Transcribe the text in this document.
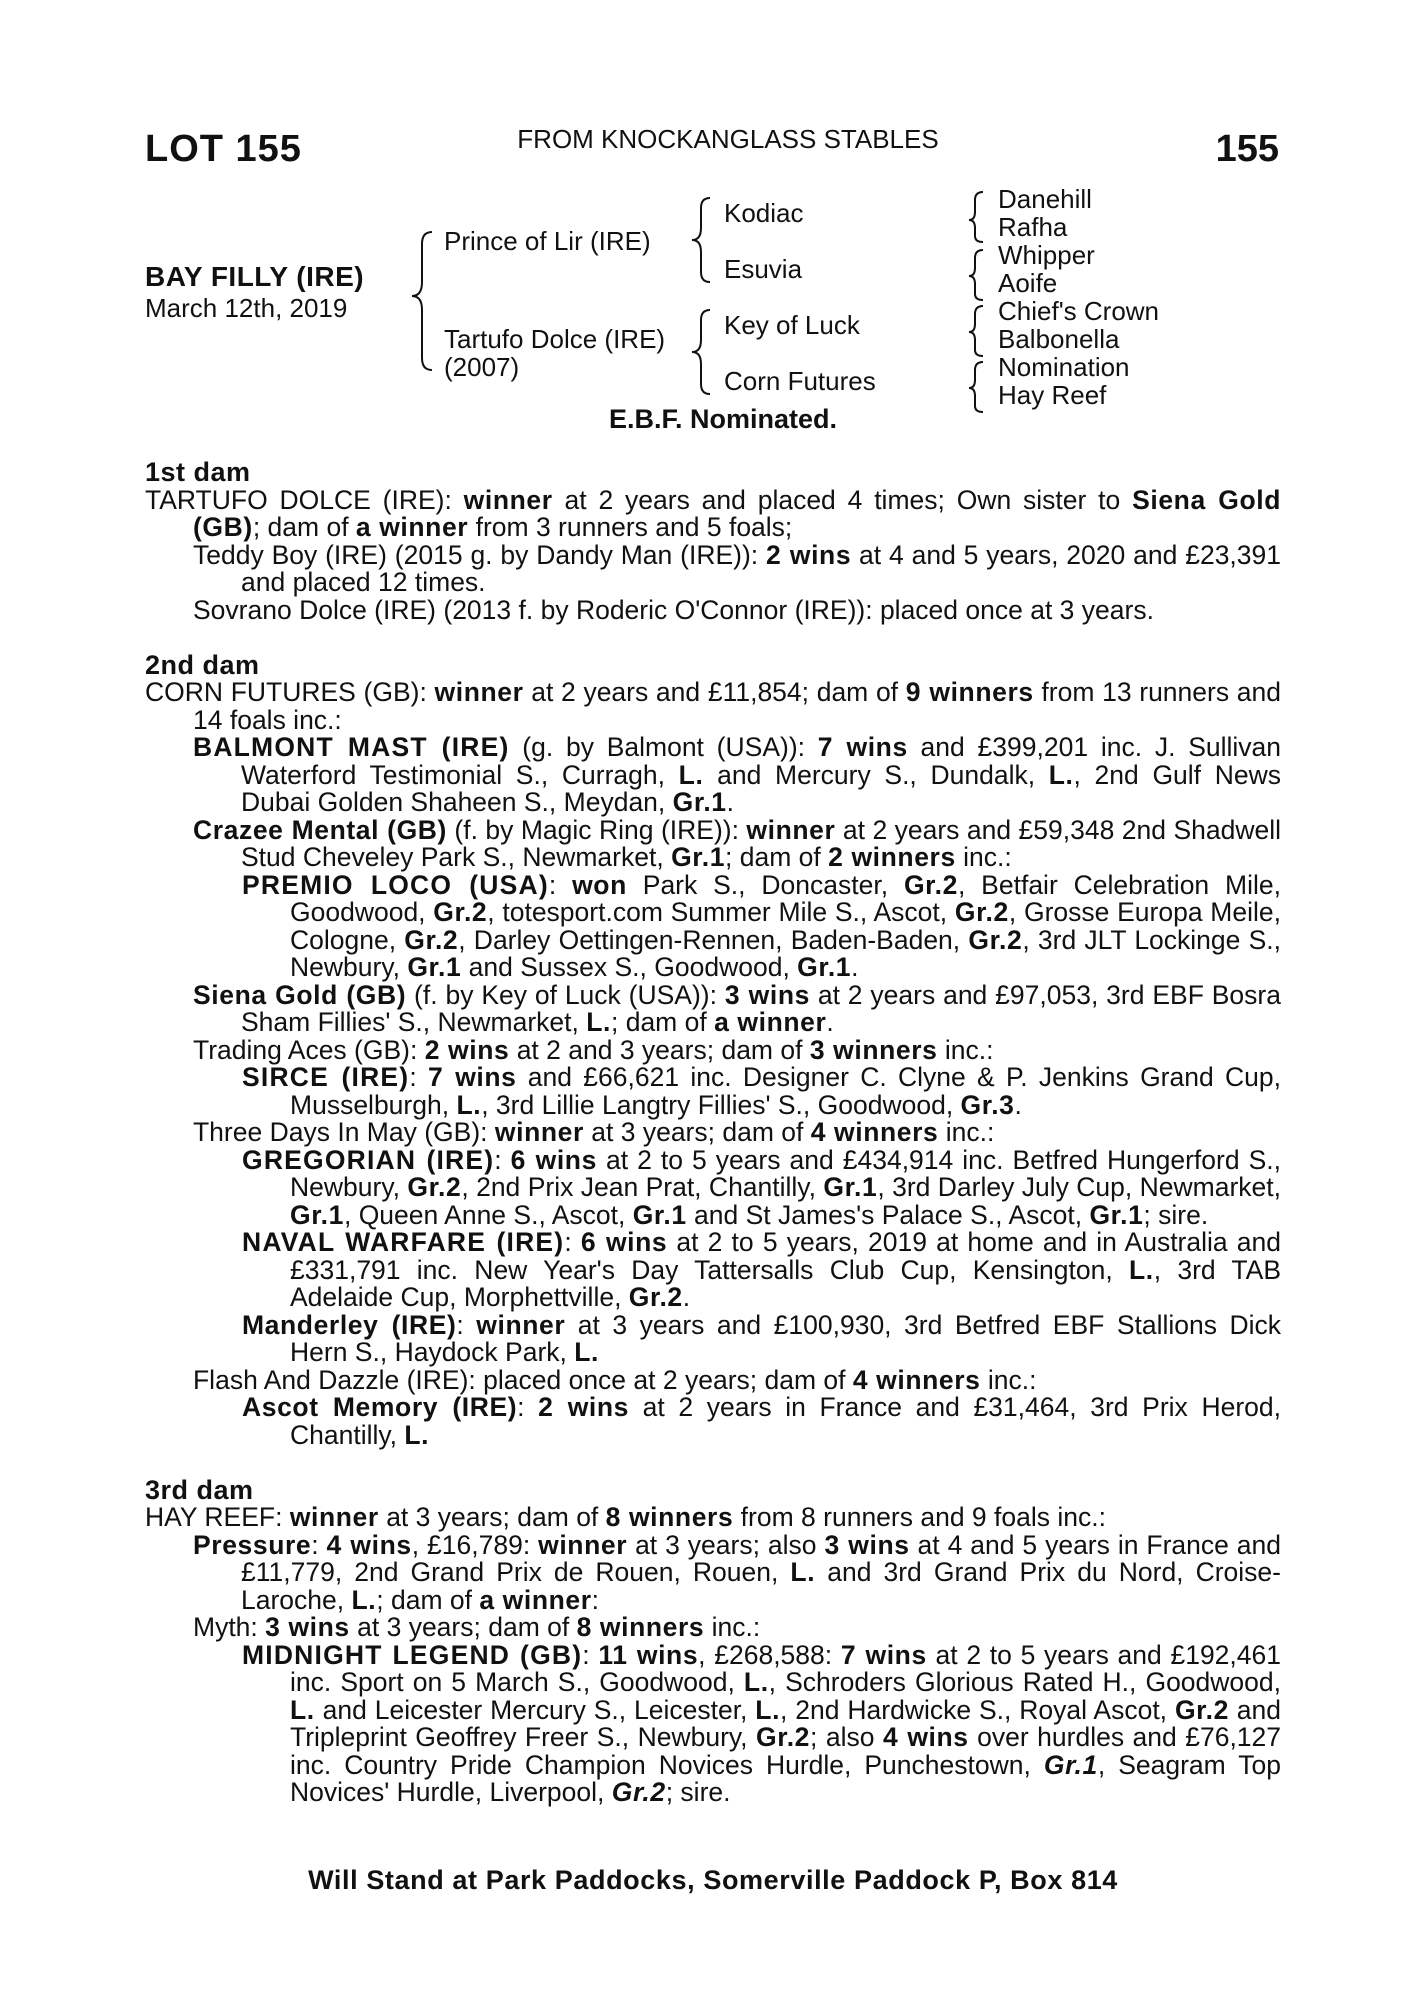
LOT 155	FROM KNOCKANGLASS STABLES	155
BAY FILLY (IRE)
March 12th, 2019
Prince of Lir (IRE)
Tartufo Dolce (IRE)
(2007)
Kodiac
Esuvia
Key of Luck
Corn Futures
Danehill
Rafha
Whipper
Aoife
Chief's Crown
Balbonella
Nomination
Hay Reef
E.B.F. Nominated.
1st dam
TARTUFO DOLCE (IRE): winner at 2 years and placed 4 times; Own sister to Siena Gold (GB); dam of a winner from 3 runners and 5 foals;
Teddy Boy (IRE) (2015 g. by Dandy Man (IRE)): 2 wins at 4 and 5 years, 2020 and £23,391 and placed 12 times.
Sovrano Dolce (IRE) (2013 f. by Roderic O'Connor (IRE)): placed once at 3 years.
2nd dam
CORN FUTURES (GB): winner at 2 years and £11,854; dam of 9 winners from 13 runners and 14 foals inc.:
BALMONT MAST (IRE) (g. by Balmont (USA)): 7 wins and £399,201 inc. J. Sullivan Waterford Testimonial S., Curragh, L. and Mercury S., Dundalk, L., 2nd Gulf News Dubai Golden Shaheen S., Meydan, Gr.1.
Crazee Mental (GB) (f. by Magic Ring (IRE)): winner at 2 years and £59,348 2nd Shadwell Stud Cheveley Park S., Newmarket, Gr.1; dam of 2 winners inc.:
PREMIO LOCO (USA): won Park S., Doncaster, Gr.2, Betfair Celebration Mile, Goodwood, Gr.2, totesport.com Summer Mile S., Ascot, Gr.2, Grosse Europa Meile, Cologne, Gr.2, Darley Oettingen-Rennen, Baden-Baden, Gr.2, 3rd JLT Lockinge S., Newbury, Gr.1 and Sussex S., Goodwood, Gr.1.
Siena Gold (GB) (f. by Key of Luck (USA)): 3 wins at 2 years and £97,053, 3rd EBF Bosra Sham Fillies' S., Newmarket, L.; dam of a winner.
Trading Aces (GB): 2 wins at 2 and 3 years; dam of 3 winners inc.:
SIRCE (IRE): 7 wins and £66,621 inc. Designer C. Clyne & P. Jenkins Grand Cup, Musselburgh, L., 3rd Lillie Langtry Fillies' S., Goodwood, Gr.3.
Three Days In May (GB): winner at 3 years; dam of 4 winners inc.:
GREGORIAN (IRE): 6 wins at 2 to 5 years and £434,914 inc. Betfred Hungerford S., Newbury, Gr.2, 2nd Prix Jean Prat, Chantilly, Gr.1, 3rd Darley July Cup, Newmarket, Gr.1, Queen Anne S., Ascot, Gr.1 and St James's Palace S., Ascot, Gr.1; sire.
NAVAL WARFARE (IRE): 6 wins at 2 to 5 years, 2019 at home and in Australia and £331,791 inc. New Year's Day Tattersalls Club Cup, Kensington, L., 3rd TAB Adelaide Cup, Morphettville, Gr.2.
Manderley (IRE): winner at 3 years and £100,930, 3rd Betfred EBF Stallions Dick Hern S., Haydock Park, L.
Flash And Dazzle (IRE): placed once at 2 years; dam of 4 winners inc.:
Ascot Memory (IRE): 2 wins at 2 years in France and £31,464, 3rd Prix Herod, Chantilly, L.
3rd dam
HAY REEF: winner at 3 years; dam of 8 winners from 8 runners and 9 foals inc.:
Pressure: 4 wins, £16,789: winner at 3 years; also 3 wins at 4 and 5 years in France and £11,779, 2nd Grand Prix de Rouen, Rouen, L. and 3rd Grand Prix du Nord, Croise-Laroche, L.; dam of a winner:
Myth: 3 wins at 3 years; dam of 8 winners inc.:
MIDNIGHT LEGEND (GB): 11 wins, £268,588: 7 wins at 2 to 5 years and £192,461 inc. Sport on 5 March S., Goodwood, L., Schroders Glorious Rated H., Goodwood, L. and Leicester Mercury S., Leicester, L., 2nd Hardwicke S., Royal Ascot, Gr.2 and Tripleprint Geoffrey Freer S., Newbury, Gr.2; also 4 wins over hurdles and £76,127 inc. Country Pride Champion Novices Hurdle, Punchestown, Gr.1, Seagram Top Novices' Hurdle, Liverpool, Gr.2; sire.
Will Stand at Park Paddocks, Somerville Paddock P, Box 814
